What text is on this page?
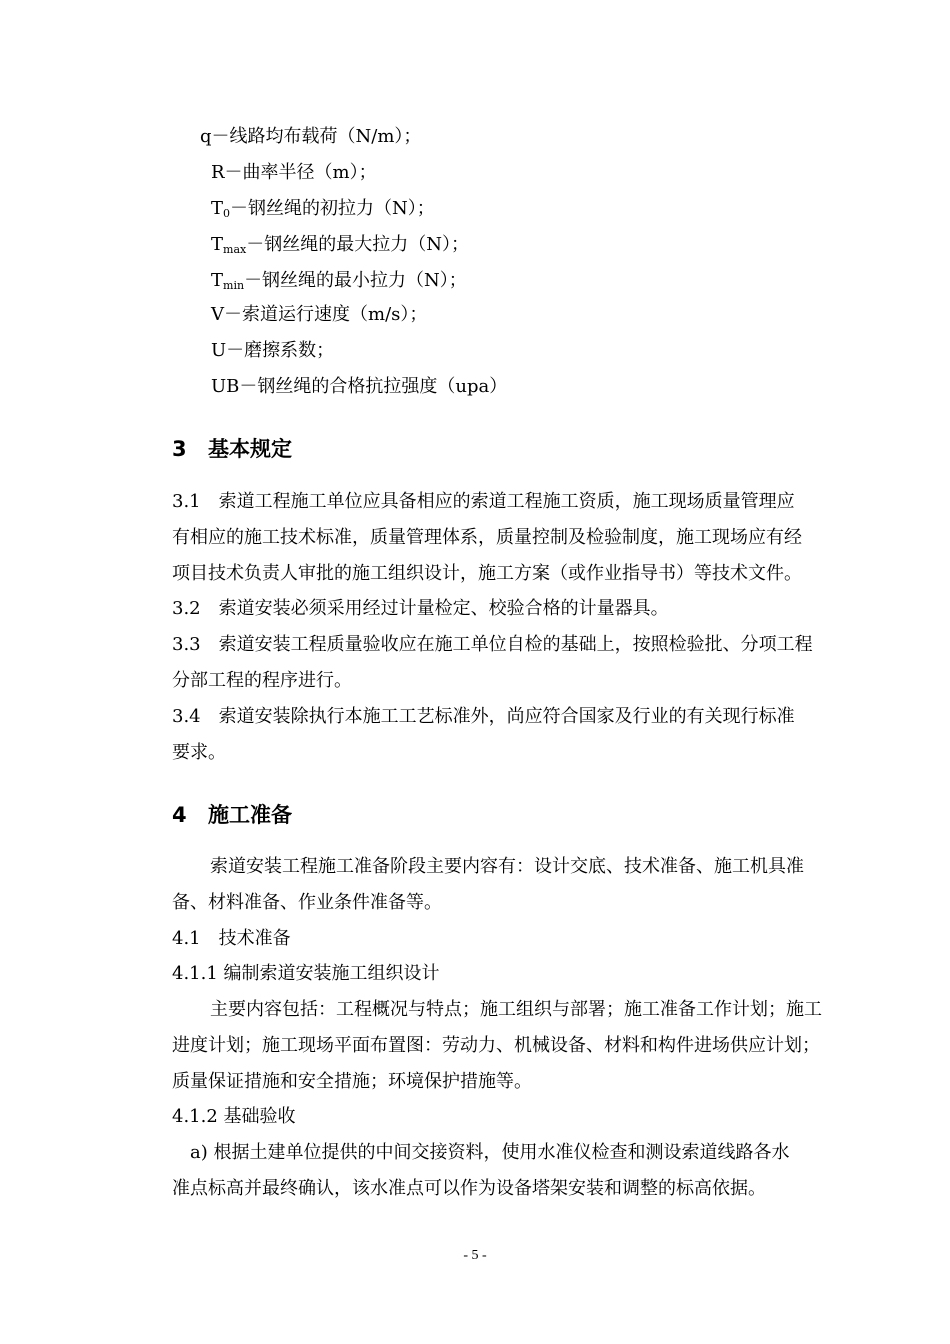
q－线路均布载荷（N/m）；
R－曲率半径（m）；
$T_0-$钢丝绳的初拉力（N）；
$T_{max}-$钢丝绳的最大拉力（N）；
$T_{min}-$钢丝绳的最小拉力（N）；
V－索道运行速度（m/s）；
U－磨擦系数；
UB－钢丝绳的合格抗拉强度（upa）
3 基本规定
3.1　索道工程施工单位应具备相应的索道工程施工资质，施工现场质量管理应
有相应的施工技术标准，质量管理体系，质量控制及检验制度，施工现场应有经
项目技术负责人审批的施工组织设计，施工方案（或作业指导书）等技术文件。
3.2　索道安装必须采用经过计量检定、校验合格的计量器具。
3.3　索道安装工程质量验收应在施工单位自检的基础上，按照检验批、分项工程
分部工程的程序进行。
3.4　索道安装除执行本施工工艺标准外，尚应符合国家及行业的有关现行标准
要求。
4 施工准备
索道安装工程施工准备阶段主要内容有：设计交底、技术准备、施工机具准
备、材料准备、作业条件准备等。
4.1　技术准备
4.1.1 编制索道安装施工组织设计
主要内容包括：工程概况与特点；施工组织与部署；施工准备工作计划；施工
进度计划；施工现场平面布置图：劳动力、机械设备、材料和构件进场供应计划；
质量保证措施和安全措施；环境保护措施等。
4.1.2 基础验收
a) 根据土建单位提供的中间交接资料，使用水准仪检查和测设索道线路各水
准点标高并最终确认，该水准点可以作为设备塔架安装和调整的标高依据。
- 5 -
